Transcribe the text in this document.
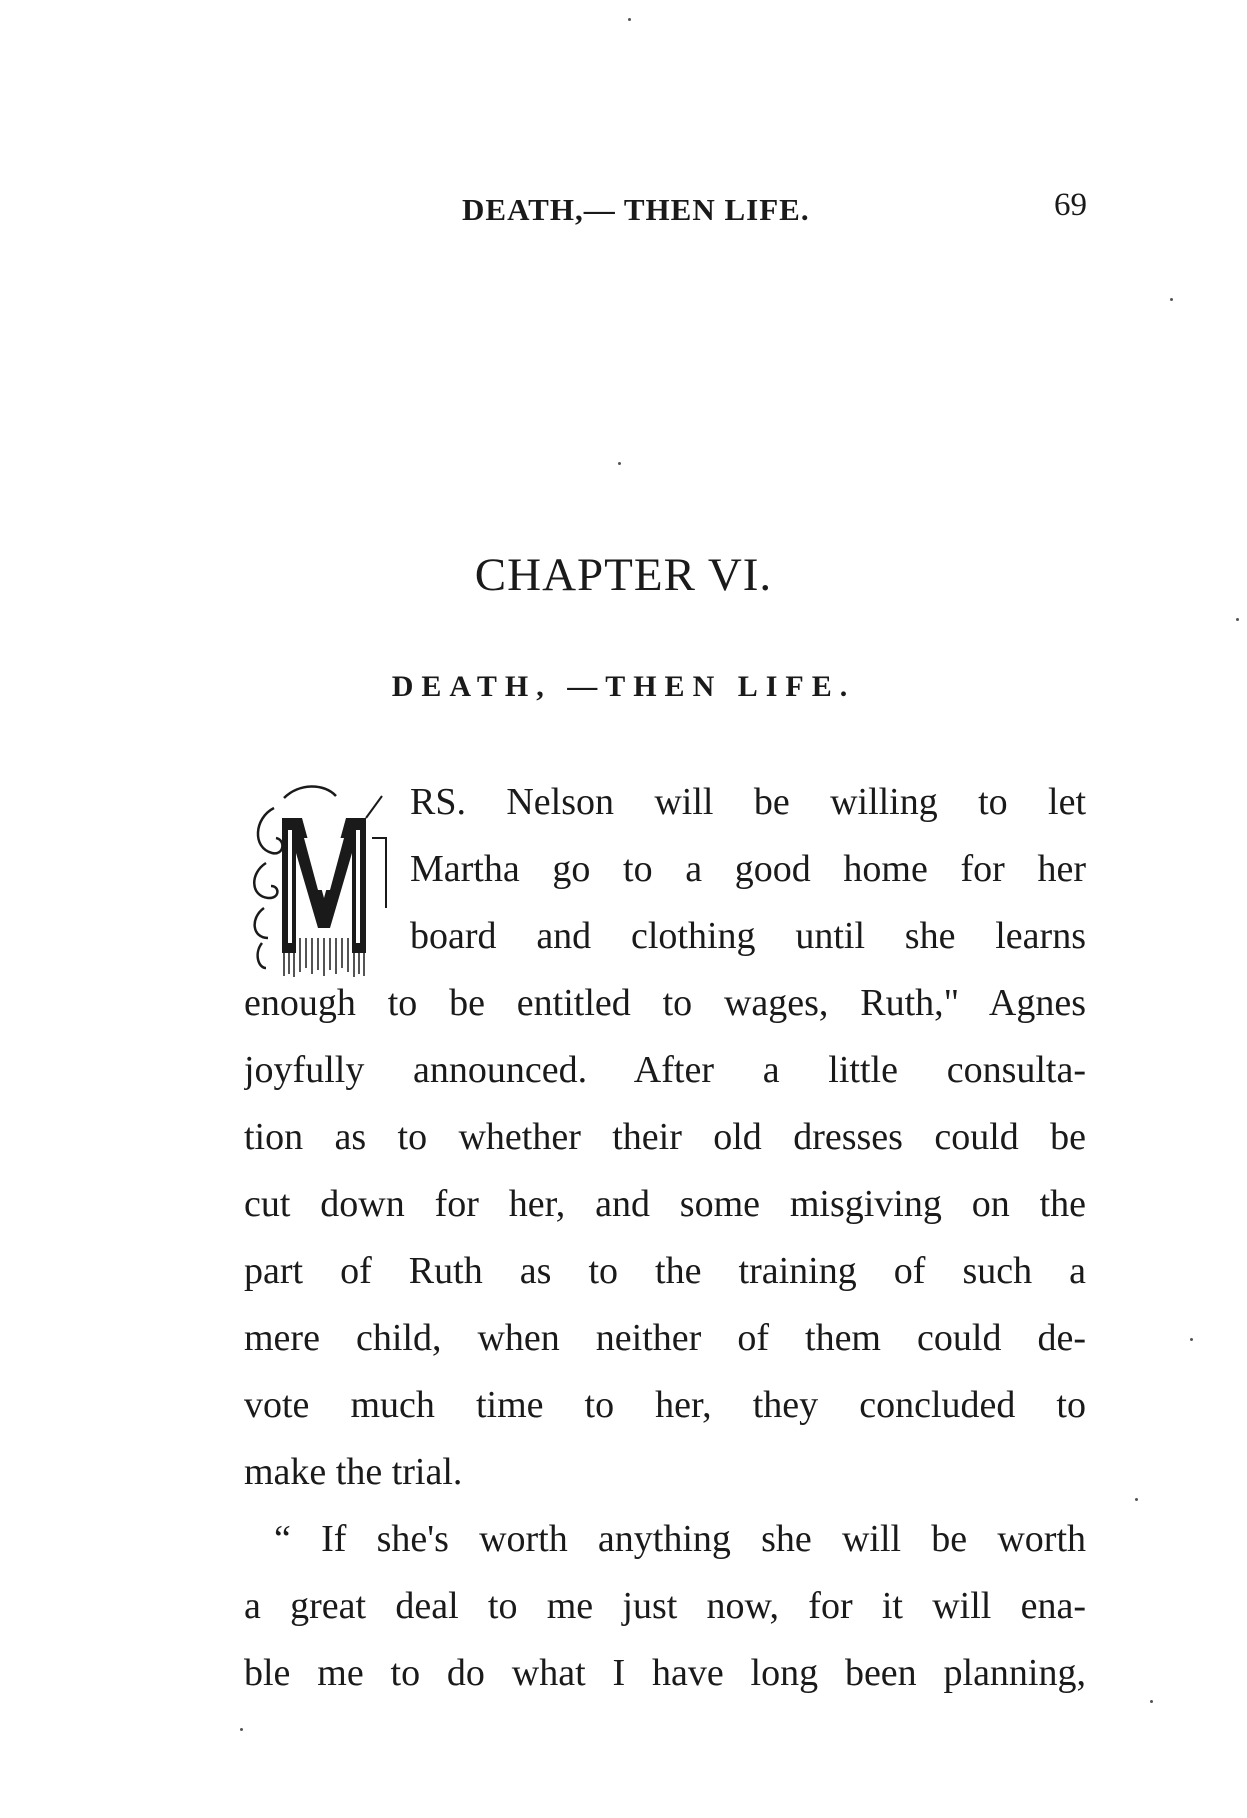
DEATH,— THEN LIFE.	69
CHAPTER VI.
DEATH, —THEN LIFE.
RS. Nelson will be willing to let
Martha go to a good home for her
board and clothing until she learns
enough to be entitled to wages, Ruth," Agnes
joyfully announced. After a little consulta-
tion as to whether their old dresses could be
cut down for her, and some misgiving on the
part of Ruth as to the training of such a
mere child, when neither of them could de-
vote much time to her, they concluded to
make the trial.
“ If she's worth anything she will be worth
a great deal to me just now, for it will ena-
ble me to do what I have long been planning,
